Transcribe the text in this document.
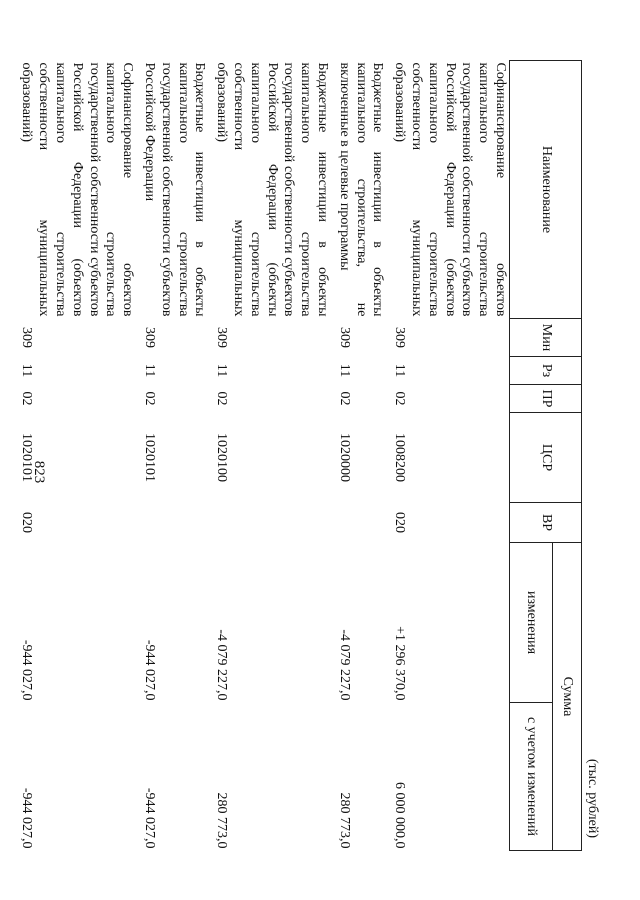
823
(тыс. рублей)
Наименование	Мин	Рз	ПР	ЦСР	ВР	Сумма	
						изменения	с учетом изменений
Софинансирование объектов капитального строительства государственной собственности субъектов Российской Федерации (объектов капитального строительства собственности муниципальных образований)	309	11	02	1008200	020	+1 296 370,0	6 000 000,0
Бюджетные инвестиции в объекты капитального строительства, не включенные в целевые программы	309	11	02	1020000		-4 079 227,0	280 773,0
Бюджетные инвестиции в объекты капитального строительства государственной собственности субъектов Российской Федерации (объекты капитального строительства собственности муниципальных образований)	309	11	02	1020100		-4 079 227,0	280 773,0
Бюджетные инвестиции в объекты капитального строительства государственной собственности субъектов Российской Федерации	309	11	02	1020101		-944 027,0	-944 027,0
Софинансирование объектов капитального строительства государственной собственности субъектов Российской Федерации (объектов капитального строительства собственности муниципальных образований)	309	11	02	1020101	020	-944 027,0	-944 027,0
